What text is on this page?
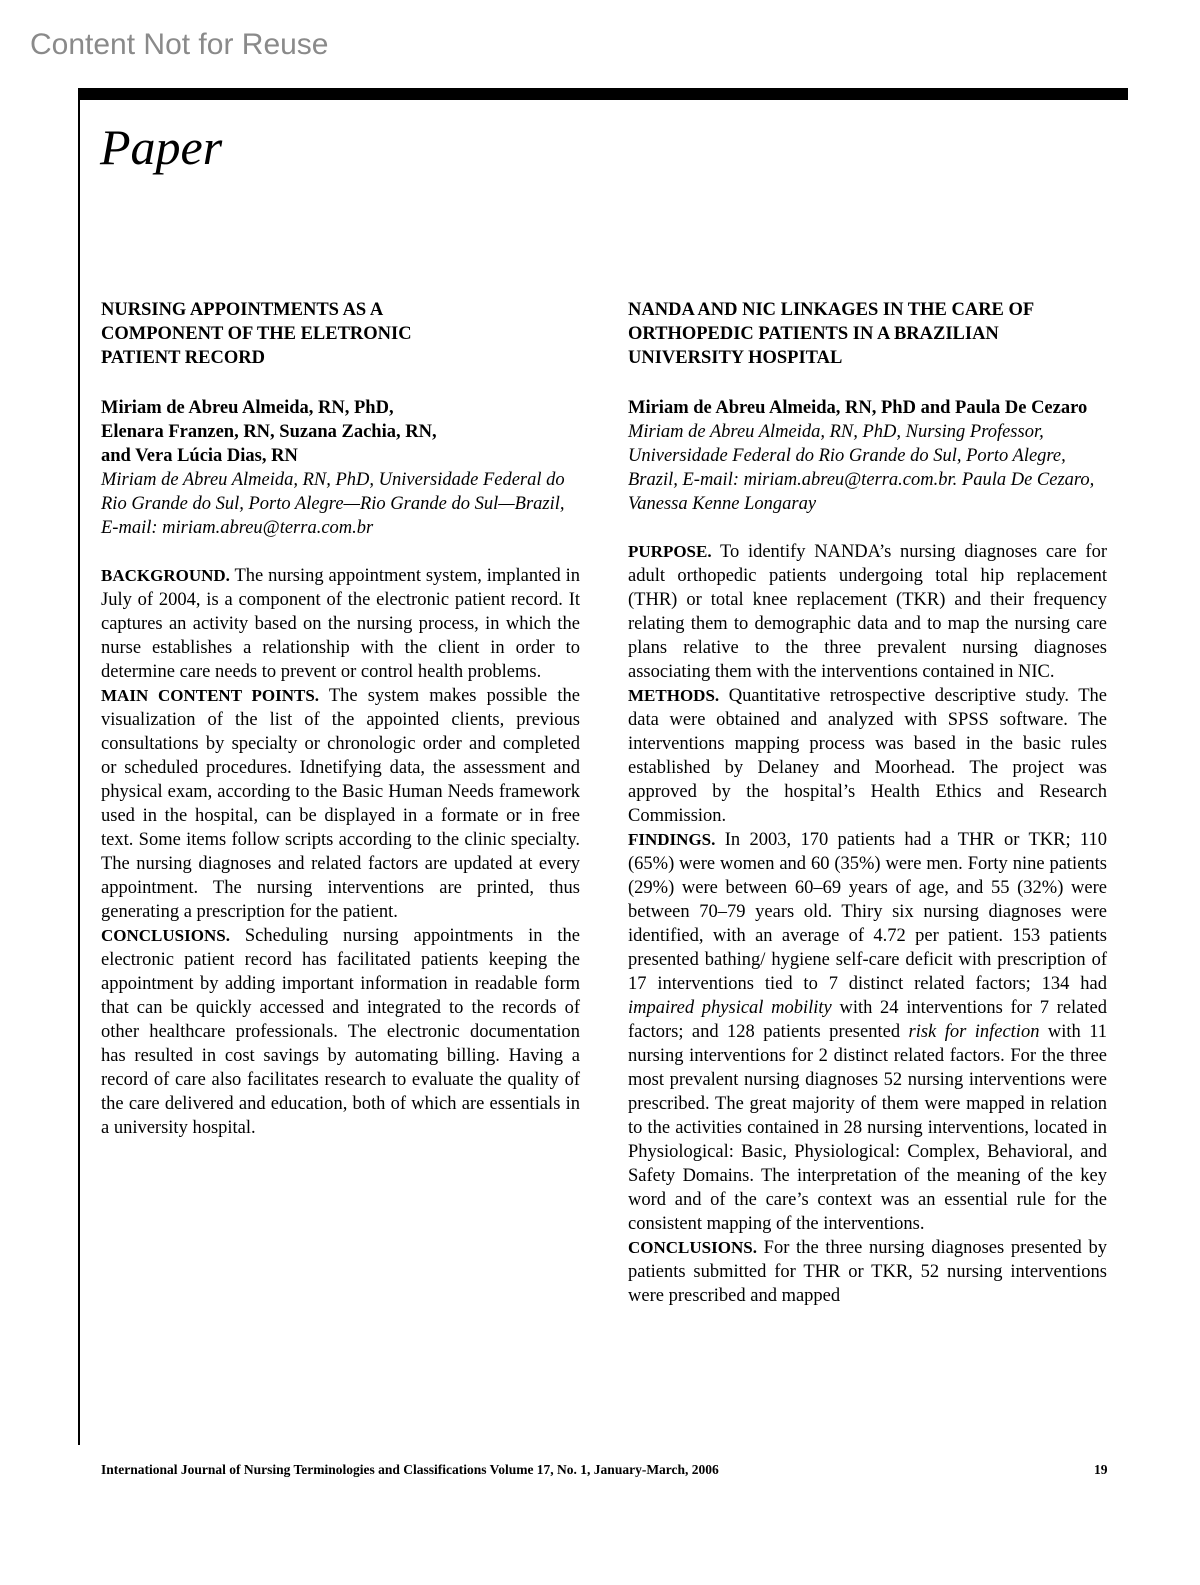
Content Not for Reuse
Paper
NURSING APPOINTMENTS AS A
COMPONENT OF THE ELETRONIC
PATIENT RECORD

Miriam de Abreu Almeida, RN, PhD,
Elenara Franzen, RN, Suzana Zachia, RN,
and Vera Lúcia Dias, RN

Miriam de Abreu Almeida, RN, PhD, Universidade Federal do Rio Grande do Sul, Porto Alegre—Rio Grande do Sul—Brazil, E-mail: miriam.abreu@terra.com.br

BACKGROUND. The nursing appointment system, implanted in July of 2004, is a component of the electronic patient record. It captures an activity based on the nursing process, in which the nurse establishes a relationship with the client in order to determine care needs to prevent or control health problems.

MAIN CONTENT POINTS. The system makes possible the visualization of the list of the appointed clients, previous consultations by specialty or chronologic order and completed or scheduled procedures. Idnetifying data, the assessment and physical exam, according to the Basic Human Needs framework used in the hospital, can be displayed in a formate or in free text. Some items follow scripts according to the clinic specialty. The nursing diagnoses and related factors are updated at every appointment. The nursing interventions are printed, thus generating a prescription for the patient.

CONCLUSIONS. Scheduling nursing appointments in the electronic patient record has facilitated patients keeping the appointment by adding important information in readable form that can be quickly accessed and integrated to the records of other healthcare professionals. The electronic documentation has resulted in cost savings by automating billing. Having a record of care also facilitates research to evaluate the quality of the care delivered and education, both of which are essentials in a university hospital.

NANDA AND NIC LINKAGES IN THE CARE OF
ORTHOPEDIC PATIENTS IN A BRAZILIAN
UNIVERSITY HOSPITAL

Miriam de Abreu Almeida, RN, PhD and Paula De Cezaro

Miriam de Abreu Almeida, RN, PhD, Nursing Professor, Universidade Federal do Rio Grande do Sul, Porto Alegre, Brazil, E-mail: miriam.abreu@terra.com.br. Paula De Cezaro, Vanessa Kenne Longaray

PURPOSE. To identify NANDA’s nursing diagnoses care for adult orthopedic patients undergoing total hip replacement (THR) or total knee replacement (TKR) and their frequency relating them to demographic data and to map the nursing care plans relative to the three prevalent nursing diagnoses associating them with the interventions contained in NIC.

METHODS. Quantitative retrospective descriptive study. The data were obtained and analyzed with SPSS software. The interventions mapping process was based in the basic rules established by Delaney and Moorhead. The project was approved by the hospital’s Health Ethics and Research Commission.

FINDINGS. In 2003, 170 patients had a THR or TKR; 110 (65%) were women and 60 (35%) were men. Forty nine patients (29%) were between 60–69 years of age, and 55 (32%) were between 70–79 years old. Thiry six nursing diagnoses were identified, with an average of 4.72 per patient. 153 patients presented bathing/ hygiene self-care deficit with prescription of 17 interventions tied to 7 distinct related factors; 134 had impaired physical mobility with 24 interventions for 7 related factors; and 128 patients presented risk for infection with 11 nursing interventions for 2 distinct related factors. For the three most prevalent nursing diagnoses 52 nursing interventions were prescribed. The great majority of them were mapped in relation to the activities contained in 28 nursing interventions, located in Physiological: Basic, Physiological: Complex, Behavioral, and Safety Domains. The interpretation of the meaning of the key word and of the care’s context was an essential rule for the consistent mapping of the interventions.

CONCLUSIONS. For the three nursing diagnoses presented by patients submitted for THR or TKR, 52 nursing interventions were prescribed and mapped

International Journal of Nursing Terminologies and Classifications Volume 17, No. 1, January-March, 2006	19
